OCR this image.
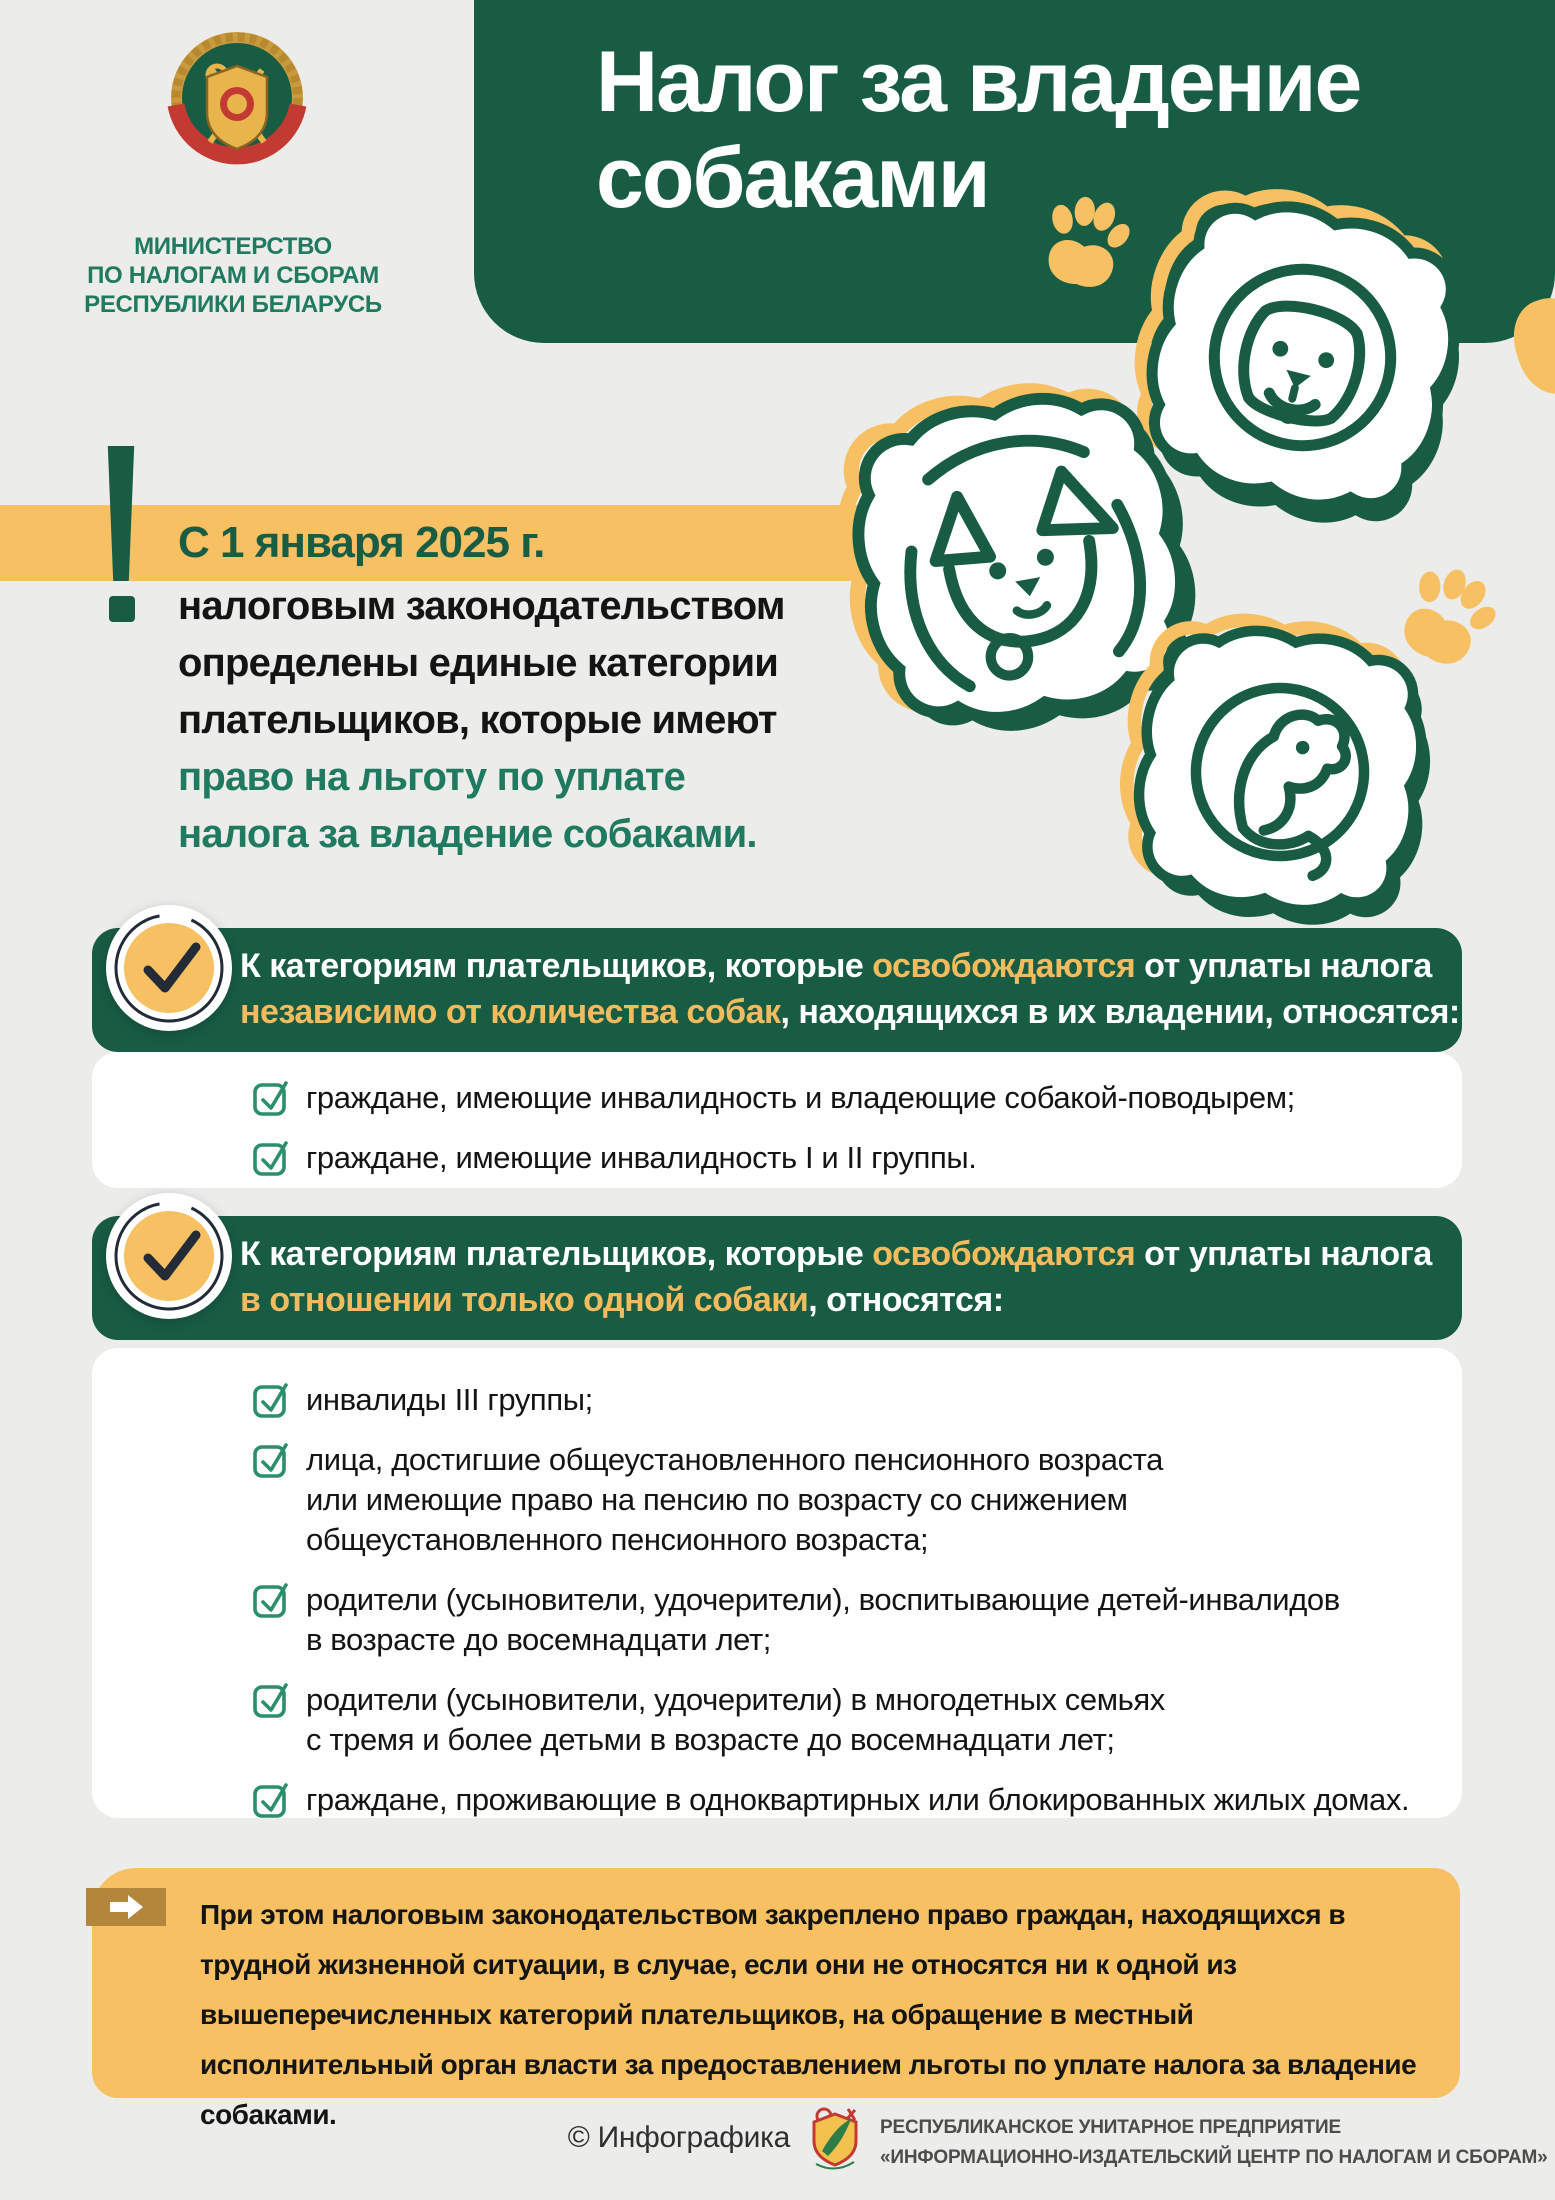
Налог за владение
собаками
МИНИСТЕРСТВО
ПО НАЛОГАМ И СБОРАМ
РЕСПУБЛИКИ БЕЛАРУСЬ
С 1 января 2025 г.
налоговым законодательством
определены единые категории
плательщиков, которые имеют
право на льготу по уплате
налога за владение собаками.
К категориям плательщиков, которые освобождаются от уплаты налога
независимо от количества собак, находящихся в их владении, относятся:
граждане, имеющие инвалидность и владеющие собакой-поводырем;
граждане, имеющие инвалидность I и II группы.
К категориям плательщиков, которые освобождаются от уплаты налога
в отношении только одной собаки, относятся:
инвалиды III группы;
лица, достигшие общеустановленного пенсионного возраста
или имеющие право на пенсию по возрасту со снижением
общеустановленного пенсионного возраста;
родители (усыновители, удочерители), воспитывающие детей-инвалидов
в возрасте до восемнадцати лет;
родители (усыновители, удочерители) в многодетных семьях
с тремя и более детьми в возрасте до восемнадцати лет;
граждане, проживающие в одноквартирных или блокированных жилых домах.
При этом налоговым законодательством закреплено право граждан, находящихся в трудной жизненной ситуации, в случае, если они не относятся ни к одной из вышеперечисленных категорий плательщиков, на обращение в местный исполнительный орган власти за предоставлением льготы по уплате налога за владение собаками.
© Инфографика	РЕСПУБЛИКАНСКОЕ УНИТАРНОЕ ПРЕДПРИЯТИЕ
«ИНФОРМАЦИОННО-ИЗДАТЕЛЬСКИЙ ЦЕНТР ПО НАЛОГАМ И СБОРАМ»
